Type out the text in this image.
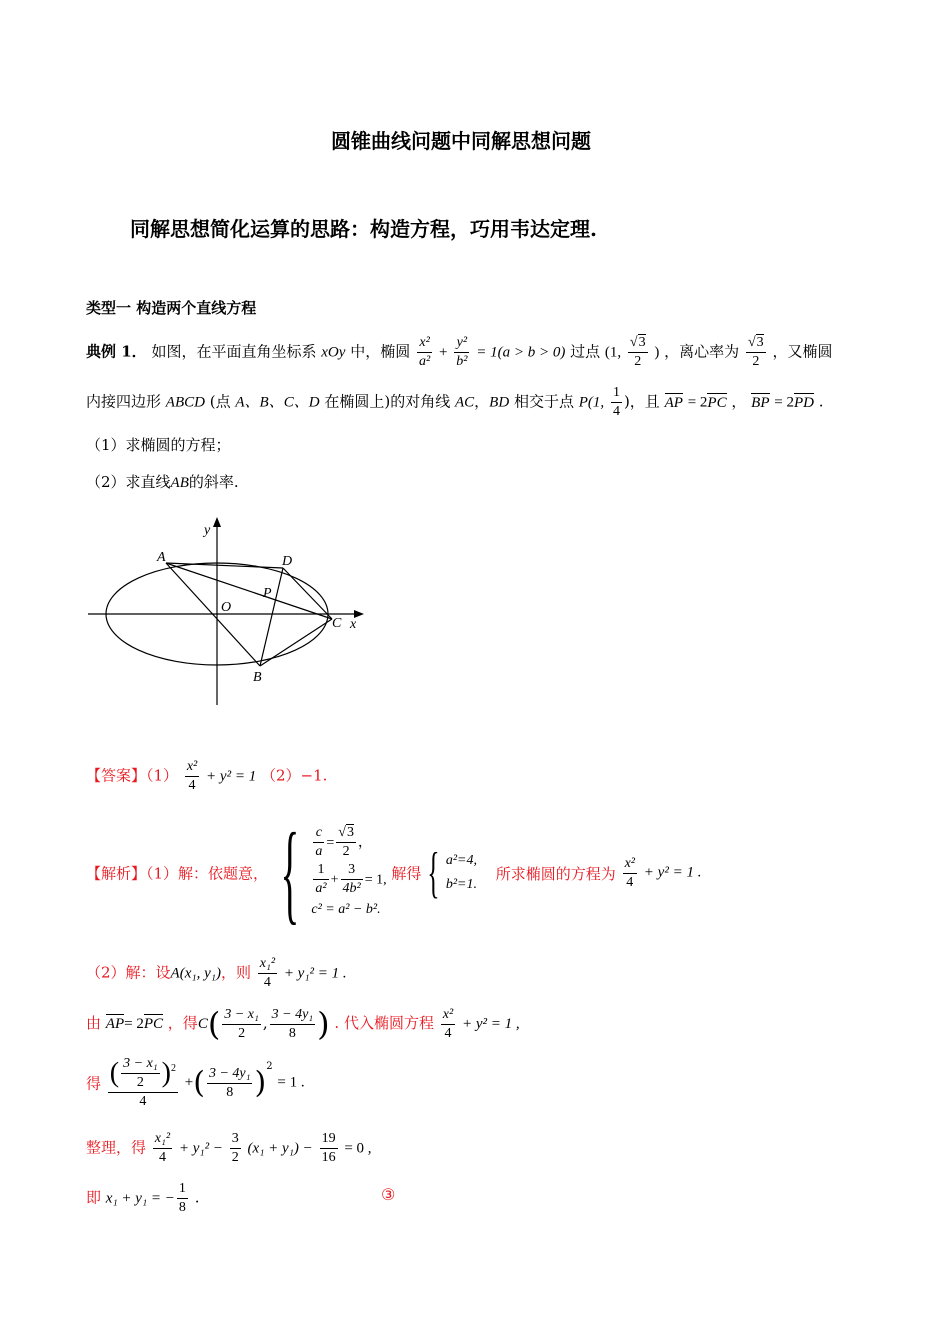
圆锥曲线问题中同解思想问题
同解思想简化运算的思路：构造方程，巧用韦达定理.
类型一 构造两个直线方程
典例 1． 如图，在平面直角坐标系 xOy 中，椭圆 $\frac{\text{x²}}{\text{a²}} + \frac{\text{y²}}{\text{b²}} = 1(a > b > 0)$ 过点 (1, $\frac{√3}{2}$ ) ，离心率为 $\frac{√3}{2}$ ，又椭圆
内接四边形 ABCD (点 A、B、C、D 在椭圆上)的对角线 AC，BD 相交于点 P(1, $\frac{1}{4}$ )，且 AP = 2PC ， BP = 2PD .
（1）求椭圆的方程；
（2）求直线AB的斜率.
y
x
O
A	D
P
C
B
【答案】$(1) \frac{\text{x²}}{4} + y^2 = 1$ （2）−1.
【解析】（1）解：依题意， { $\frac{c}{a} = \frac{√3}{2}$ ，
$\frac{1}{\text{a²}} + \frac{3}{\text{4b²}} = 1$,
c² = a² − b².
解得 { a²=4,
b²=1.
所求椭圆的方程为 $\frac{\text{x²}}{4} + y^2 = 1$ .
（2）解：设A(x₁, y₁)，则 $\frac{\text{x₁²}}{4} + y_1^2 = 1$ .
由 AP= 2PC ，得$C( \frac{\text{3 − x₁}}{2}$ , $\frac{\text{3 − 4y₁}}{8}$ ) . 代入椭圆方程 $\frac{\text{x²}}{4} + y^2 = 1$ ,
得 $\frac{( \frac{\text{3 − x₁}}{2} )^2}{4}$ +( $\frac{\text{3 − 4y₁}}{8} )^2 = 1$ .
整理，得 $\frac{\text{x₁²}}{4} + y_1^2 - \frac{3}{2} (x_1 + y_1) - \frac{19}{16} = 0$ ,
即 x₁ + y₁ = − $\frac{1}{8}$ .	③
